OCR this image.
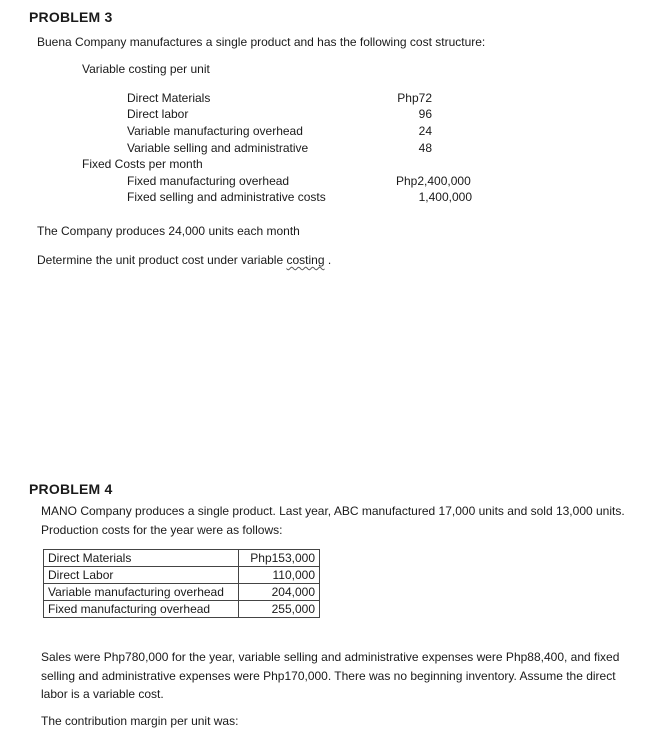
PROBLEM 3
Buena Company manufactures a single product and has the following cost structure:
Variable costing per unit
Direct Materials	Php72
Direct labor	96
Variable manufacturing overhead	24
Variable selling and administrative	48
Fixed Costs per month
Fixed manufacturing overhead	Php2,400,000
Fixed selling and administrative costs	1,400,000
The Company produces 24,000 units each month
Determine the unit product cost under variable costing .
PROBLEM 4
MANO Company produces a single product. Last year, ABC manufactured 17,000 units and sold 13,000 units. Production costs for the year were as follows:
Direct Materials	Php153,000
Direct Labor	110,000
Variable manufacturing overhead	204,000
Fixed manufacturing overhead	255,000
Sales were Php780,000 for the year, variable selling and administrative expenses were Php88,400, and fixed selling and administrative expenses were Php170,000. There was no beginning inventory. Assume the direct labor is a variable cost.
The contribution margin per unit was:
